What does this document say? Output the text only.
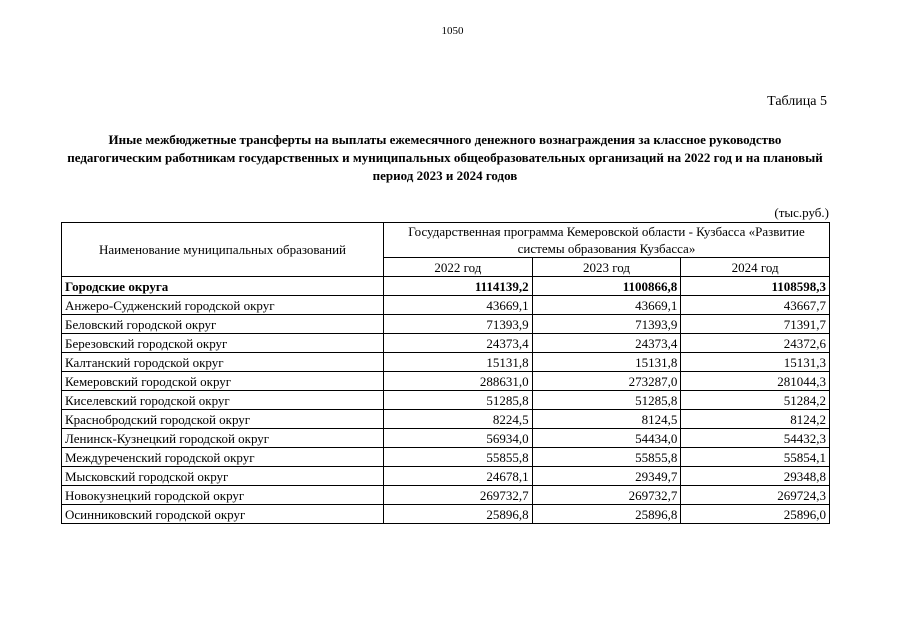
1050
Таблица 5
Иные межбюджетные трансферты на выплаты ежемесячного денежного вознаграждения за классное руководство педагогическим работникам государственных и муниципальных общеобразовательных организаций на 2022 год и на плановый период 2023 и 2024 годов
(тыс.руб.)
Наименование муниципальных образований	Государственная программа Кемеровской области - Кузбасса «Развитие системы образования Кузбасса»		
	2022 год	2023 год	2024 год
Городские округа	1114139,2	1100866,8	1108598,3
Анжеро-Судженский городской округ	43669,1	43669,1	43667,7
Беловский городской округ	71393,9	71393,9	71391,7
Березовский городской округ	24373,4	24373,4	24372,6
Калтанский городской округ	15131,8	15131,8	15131,3
Кемеровский городской округ	288631,0	273287,0	281044,3
Киселевский городской округ	51285,8	51285,8	51284,2
Краснобродский городской округ	8224,5	8124,5	8124,2
Ленинск-Кузнецкий городской округ	56934,0	54434,0	54432,3
Междуреченский городской округ	55855,8	55855,8	55854,1
Мысковский городской округ	24678,1	29349,7	29348,8
Новокузнецкий городской округ	269732,7	269732,7	269724,3
Осинниковский городской округ	25896,8	25896,8	25896,0
